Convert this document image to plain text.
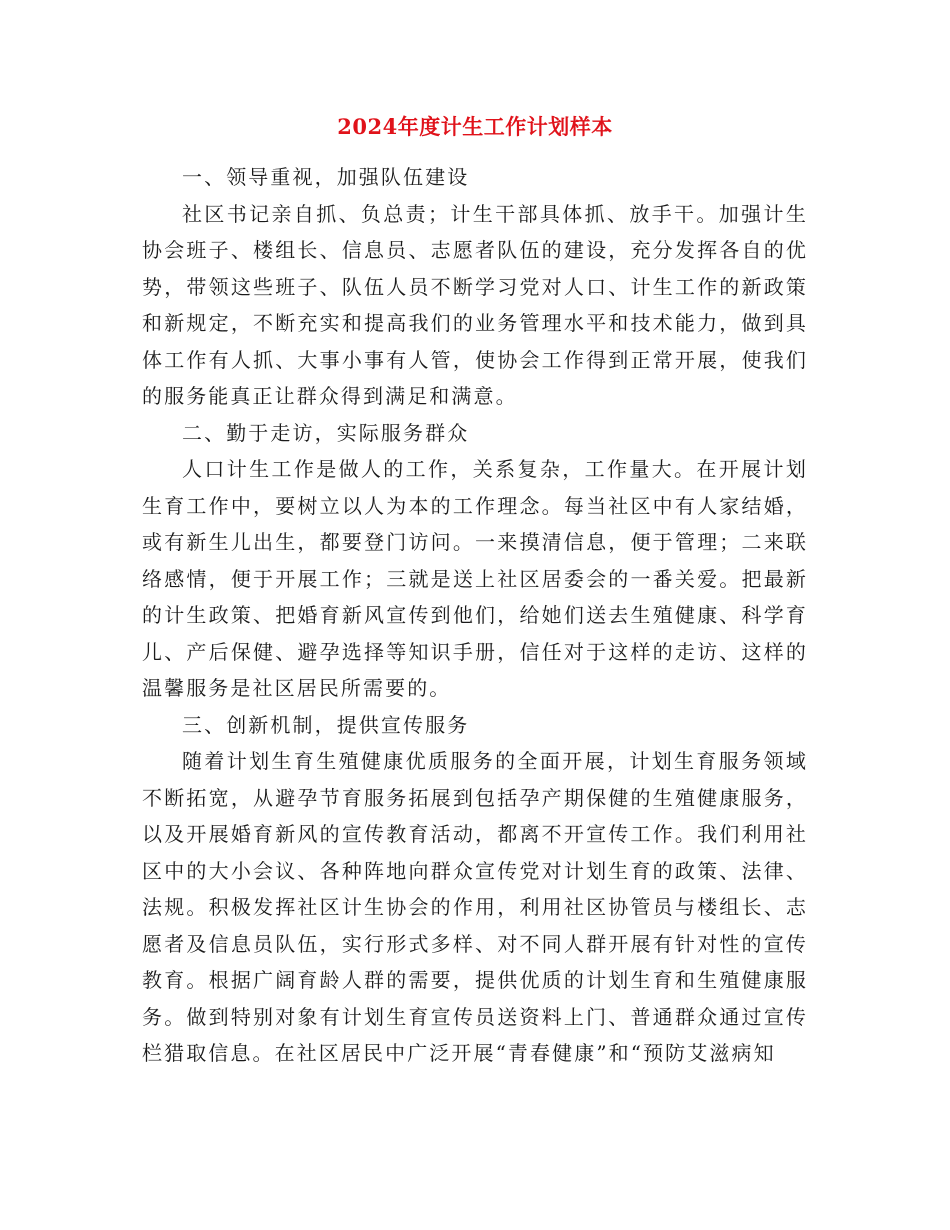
2024年度计生工作计划样本

一、领导重视，加强队伍建设

社区书记亲自抓、负总责；计生干部具体抓、放手干。加强计生协会班子、楼组长、信息员、志愿者队伍的建设，充分发挥各自的优势，带领这些班子、队伍人员不断学习党对人口、计生工作的新政策和新规定，不断充实和提高我们的业务管理水平和技术能力，做到具体工作有人抓、大事小事有人管，使协会工作得到正常开展，使我们的服务能真正让群众得到满足和满意。

二、勤于走访，实际服务群众

人口计生工作是做人的工作，关系复杂，工作量大。在开展计划生育工作中，要树立以人为本的工作理念。每当社区中有人家结婚，或有新生儿出生，都要登门访问。一来摸清信息，便于管理；二来联络感情，便于开展工作；三就是送上社区居委会的一番关爱。把最新的计生政策、把婚育新风宣传到他们，给她们送去生殖健康、科学育儿、产后保健、避孕选择等知识手册，信任对于这样的走访、这样的温馨服务是社区居民所需要的。

三、创新机制，提供宣传服务

随着计划生育生殖健康优质服务的全面开展，计划生育服务领域不断拓宽，从避孕节育服务拓展到包括孕产期保健的生殖健康服务，以及开展婚育新风的宣传教育活动，都离不开宣传工作。我们利用社区中的大小会议、各种阵地向群众宣传党对计划生育的政策、法律、法规。积极发挥社区计生协会的作用，利用社区协管员与楼组长、志愿者及信息员队伍，实行形式多样、对不同人群开展有针对性的宣传教育。根据广阔育龄人群的需要，提供优质的计划生育和生殖健康服务。做到特别对象有计划生育宣传员送资料上门、普通群众通过宣传栏猎取信息。在社区居民中广泛开展“青春健康”和“预防艾滋病知
